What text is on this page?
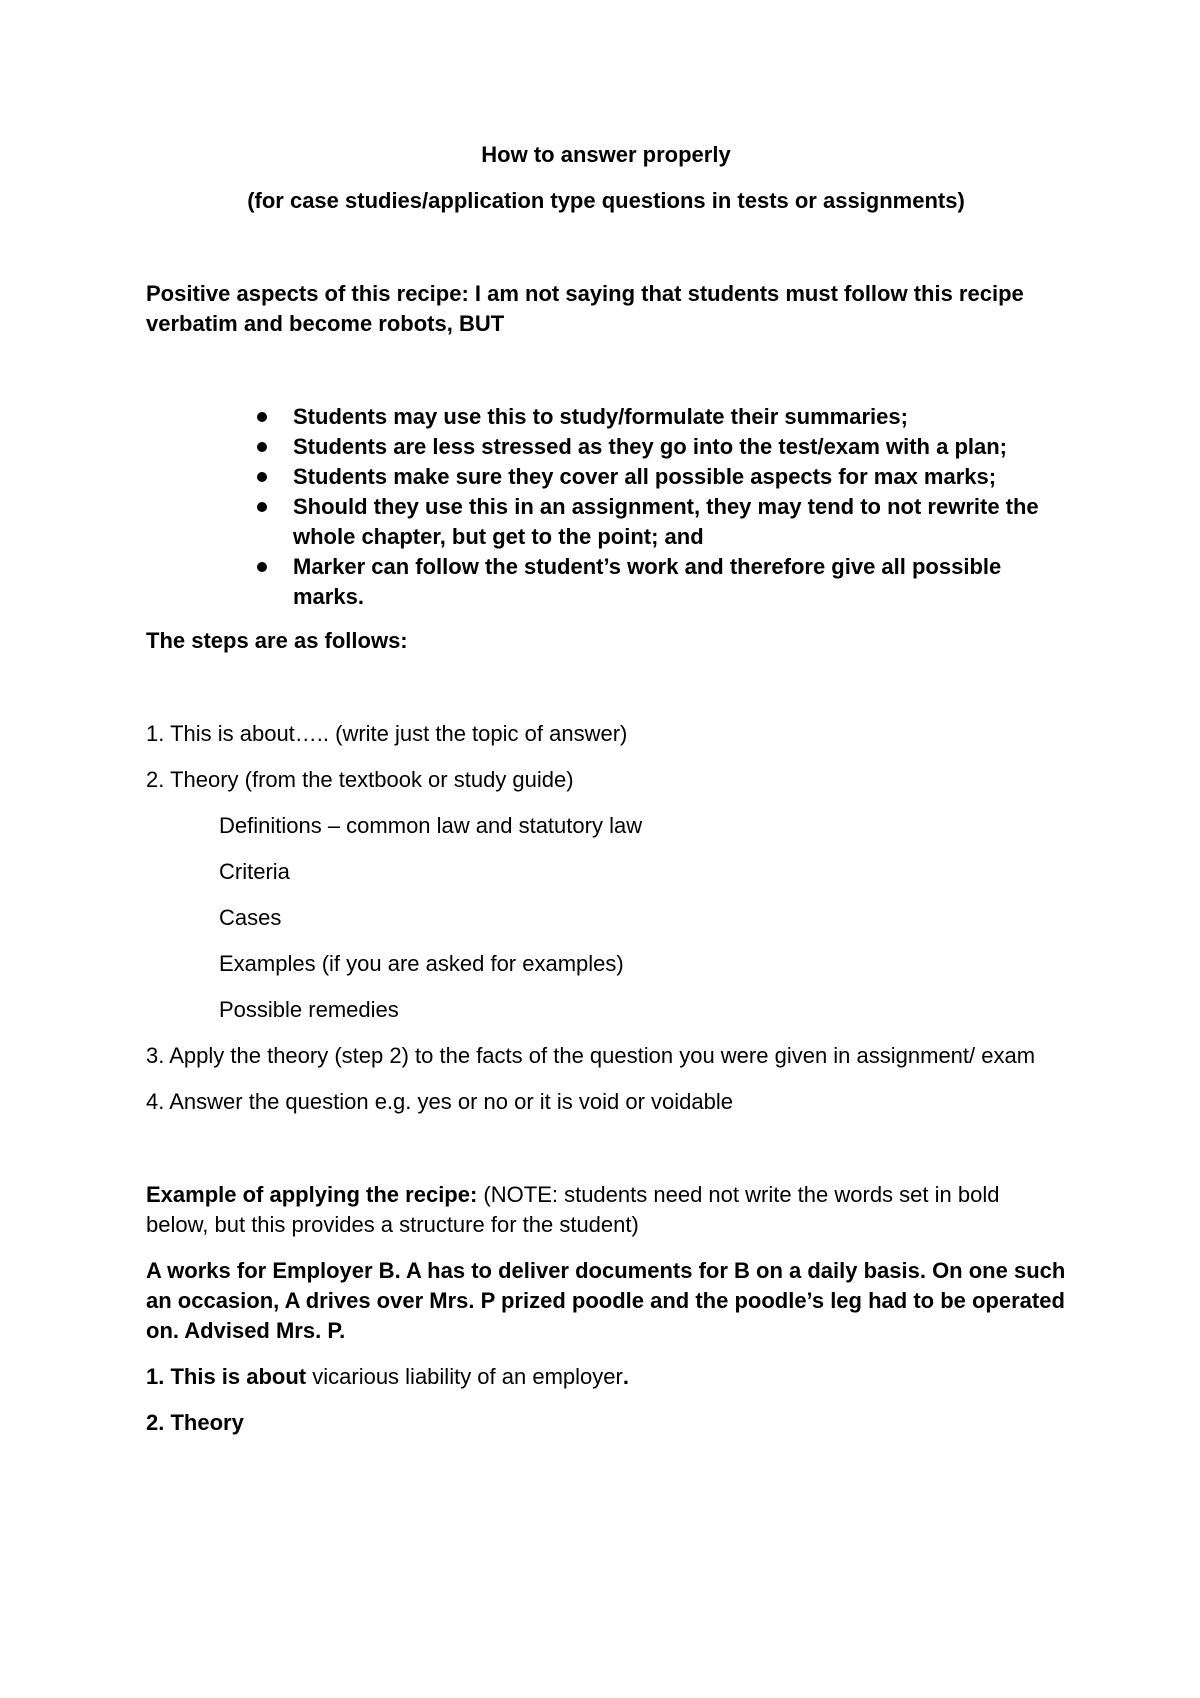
How to answer properly

(for case studies/application type questions in tests or assignments)

Positive aspects of this recipe: I am not saying that students must follow this recipe verbatim and become robots, BUT

Students may use this to study/formulate their summaries;
Students are less stressed as they go into the test/exam with a plan;
Students make sure they cover all possible aspects for max marks;
Should they use this in an assignment, they may tend to not rewrite the whole chapter, but get to the point; and
Marker can follow the student’s work and therefore give all possible marks.

The steps are as follows:

1. This is about….. (write just the topic of answer)

2. Theory (from the textbook or study guide)

Definitions – common law and statutory law

Criteria

Cases

Examples (if you are asked for examples)

Possible remedies

3. Apply the theory (step 2) to the facts of the question you were given in assignment/ exam

4. Answer the question e.g. yes or no or it is void or voidable

Example of applying the recipe: (NOTE: students need not write the words set in bold below, but this provides a structure for the student)

A works for Employer B. A has to deliver documents for B on a daily basis. On one such an occasion, A drives over Mrs. P prized poodle and the poodle’s leg had to be operated on. Advised Mrs. P.

1. This is about vicarious liability of an employer.

2. Theory
